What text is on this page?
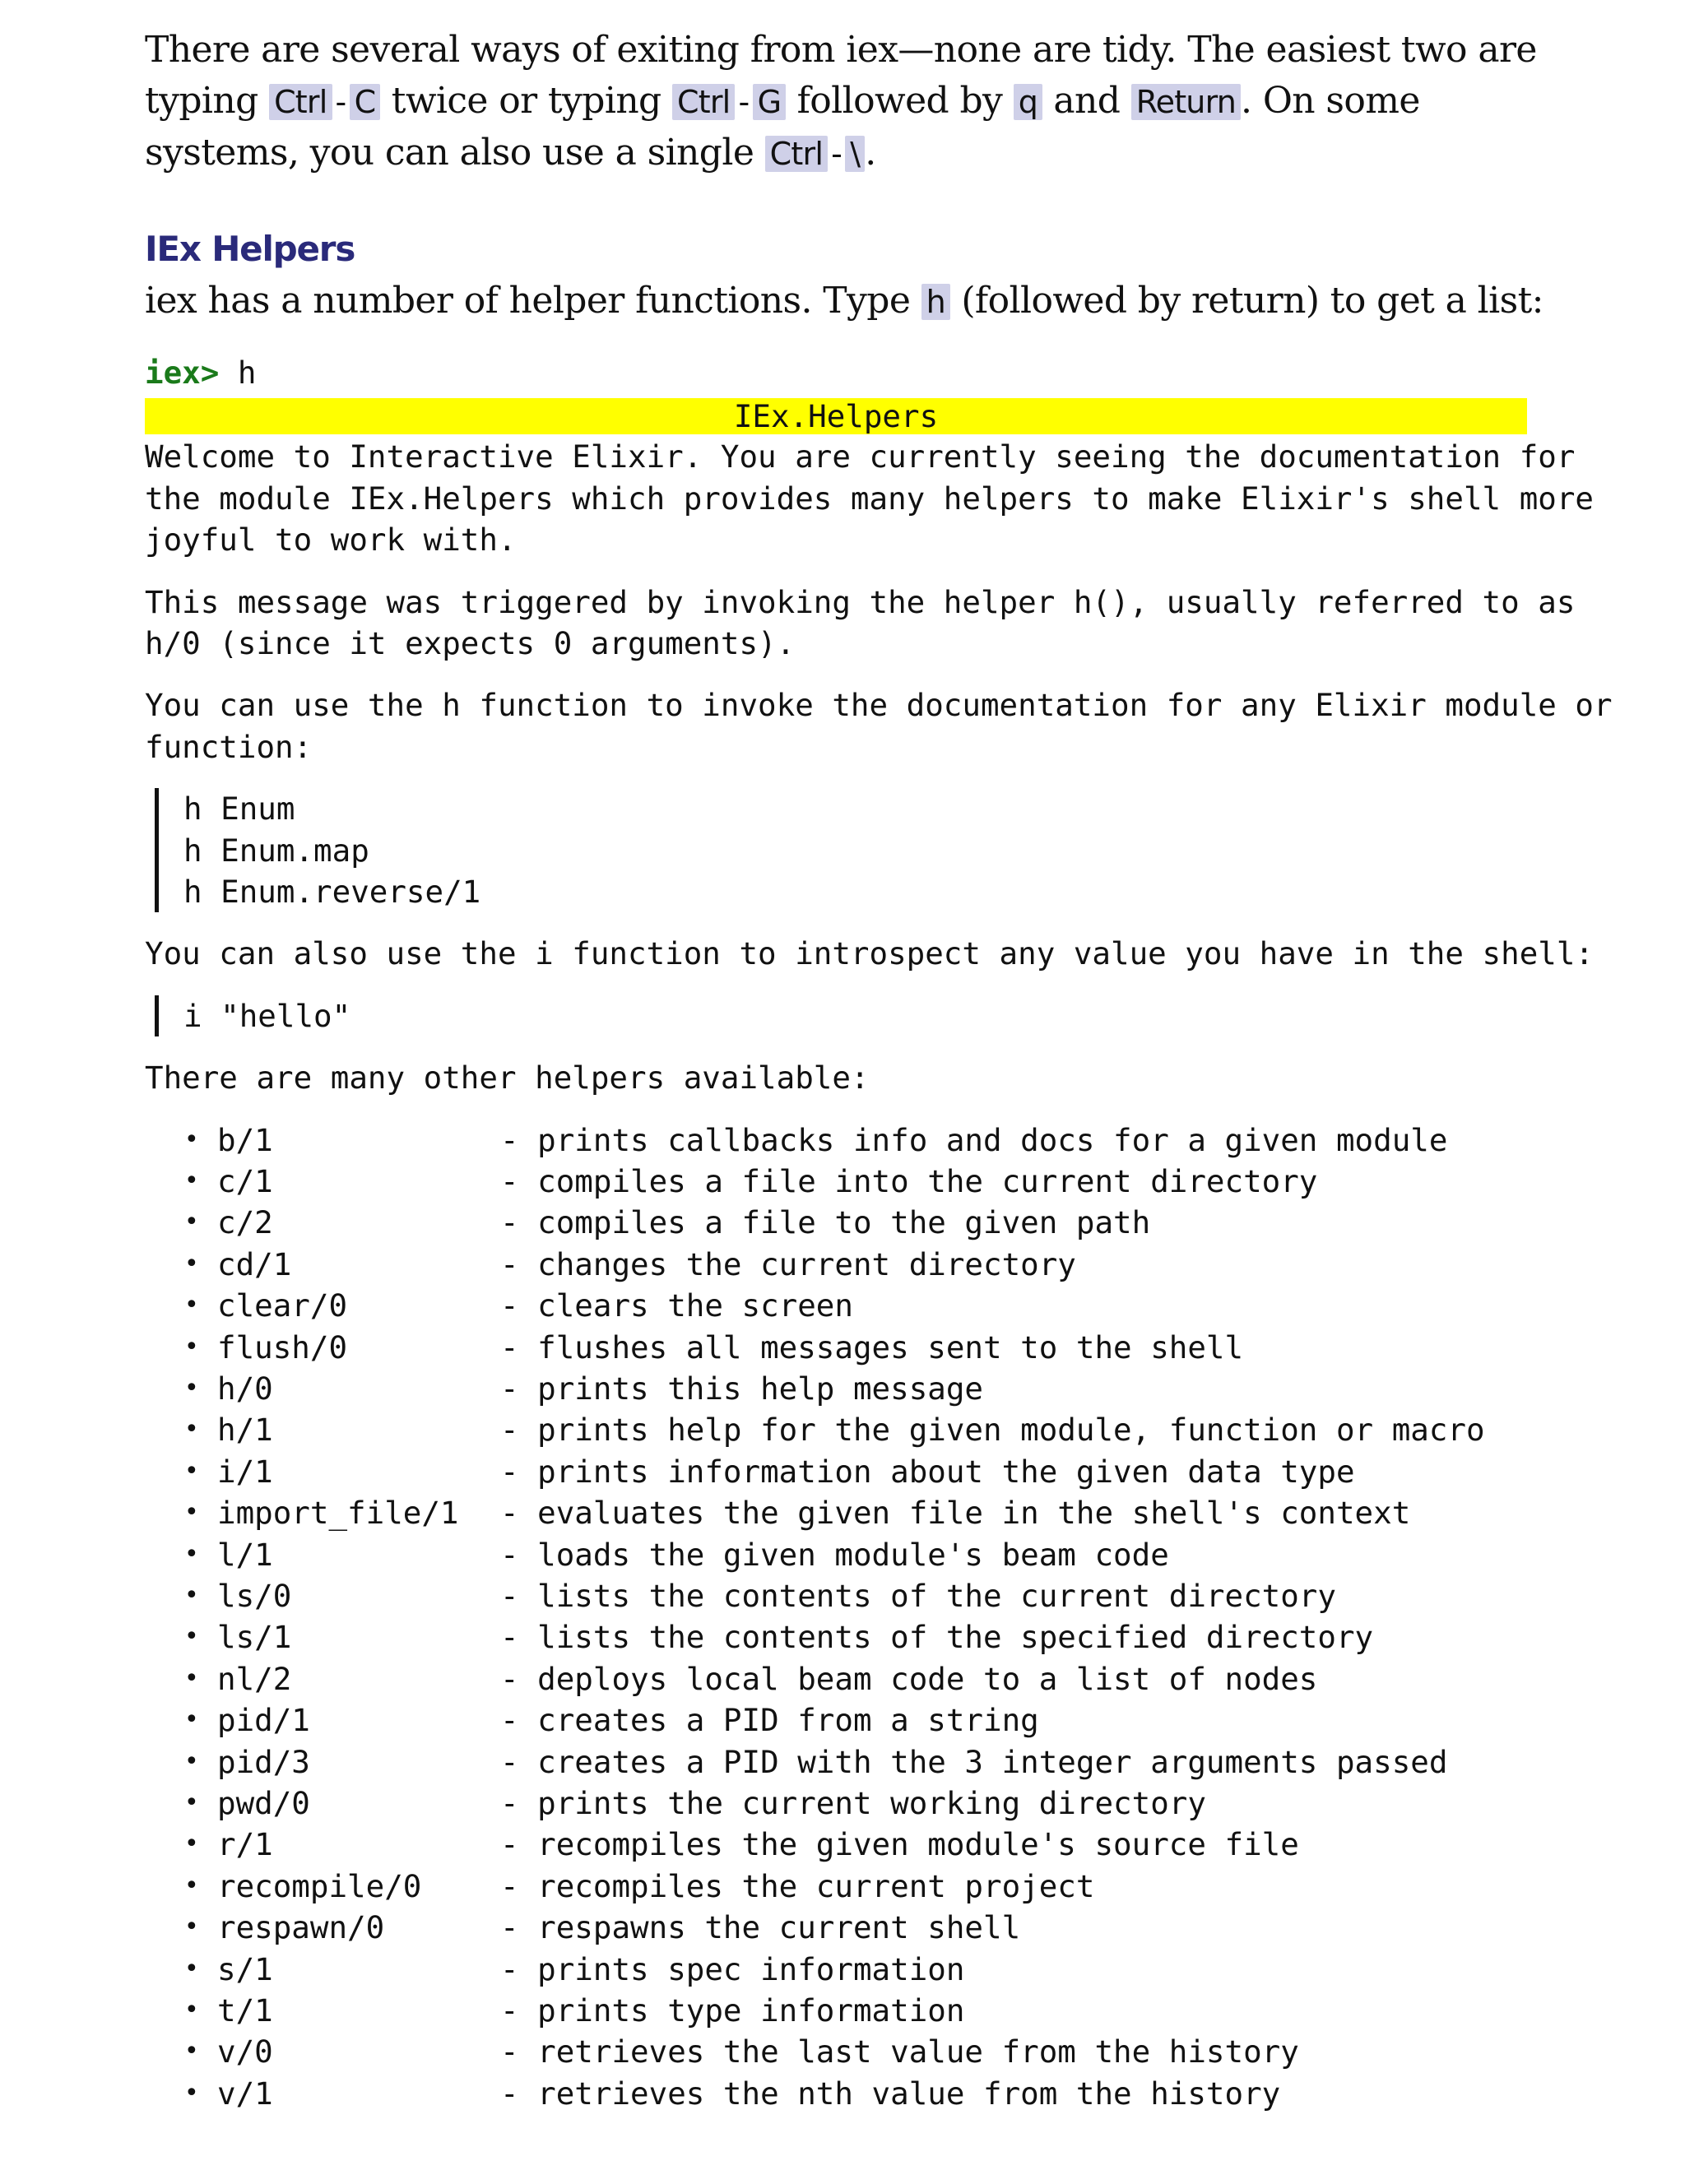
There are several ways of exiting from iex—none are tidy. The easiest two are typing Ctrl - C twice or typing Ctrl - G followed by q and Return . On some systems, you can also use a single Ctrl - \ .

IEx Helpers

iex has a number of helper functions. Type h (followed by return) to get a list:

iex> h
IEx.Helpers
Welcome to Interactive Elixir. You are currently seeing the documentation for
the module IEx.Helpers which provides many helpers to make Elixir's shell more
joyful to work with.
This message was triggered by invoking the helper h(), usually referred to as
h/0 (since it expects 0 arguments).
You can use the h function to invoke the documentation for any Elixir module or
function:
h Enum
h Enum.map
h Enum.reverse/1
You can also use the i function to introspect any value you have in the shell:
i "hello"
There are many other helpers available:
• b/1	- prints callbacks info and docs for a given module
• c/1	- compiles a file into the current directory
• c/2	- compiles a file to the given path
• cd/1	- changes the current directory
• clear/0	- clears the screen
• flush/0	- flushes all messages sent to the shell
• h/0	- prints this help message
• h/1	- prints help for the given module, function or macro
• i/1	- prints information about the given data type
• import_file/1	- evaluates the given file in the shell's context
• l/1	- loads the given module's beam code
• ls/0	- lists the contents of the current directory
• ls/1	- lists the contents of the specified directory
• nl/2	- deploys local beam code to a list of nodes
• pid/1	- creates a PID from a string
• pid/3	- creates a PID with the 3 integer arguments passed
• pwd/0	- prints the current working directory
• r/1	- recompiles the given module's source file
• recompile/0	- recompiles the current project
• respawn/0	- respawns the current shell
• s/1	- prints spec information
• t/1	- prints type information
• v/0	- retrieves the last value from the history
• v/1	- retrieves the nth value from the history
